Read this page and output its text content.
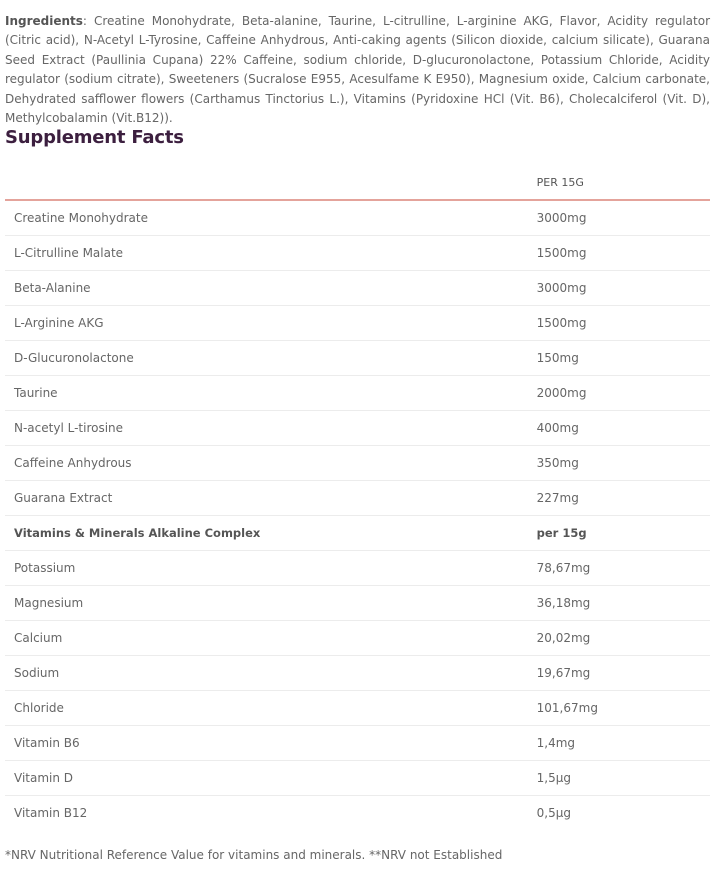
Ingredients: Creatine Monohydrate, Beta-alanine, Taurine, L-citrulline, L-arginine AKG, Flavor, Acidity regulator (Citric acid), N-Acetyl L-Tyrosine, Caﬀeine Anhydrous, Anti-caking agents (Silicon dioxide, calcium silicate), Guarana Seed Extract (Paullinia Cupana) 22% Caﬀeine, sodium chloride, D-glucuronolactone, Potassium Chloride, Acidity regulator (sodium citrate), Sweeteners (Sucralose E955, Acesulfame K E950), Magnesium oxide, Calcium carbonate, Dehydrated saﬄower ﬂowers (Carthamus Tinctorius L.), Vitamins (Pyridoxine HCl (Vit. B6), Cholecalciferol (Vit. D), Methylcobalamin (Vit.B12)).

Supplement Facts
	PER 15G
Creatine Monohydrate	3000mg
L-Citrulline Malate	1500mg
Beta-Alanine	3000mg
L-Arginine AKG	1500mg
D-Glucuronolactone	150mg
Taurine	2000mg
N-acetyl L-tirosine	400mg
Caffeine Anhydrous	350mg
Guarana Extract	227mg
Vitamins & Minerals Alkaline Complex	per 15g
Potassium	78,67mg
Magnesium	36,18mg
Calcium	20,02mg
Sodium	19,67mg
Chloride	101,67mg
Vitamin B6	1,4mg
Vitamin D	1,5µg
Vitamin B12	0,5µg
*NRV Nutritional Reference Value for vitamins and minerals. **NRV not Established
